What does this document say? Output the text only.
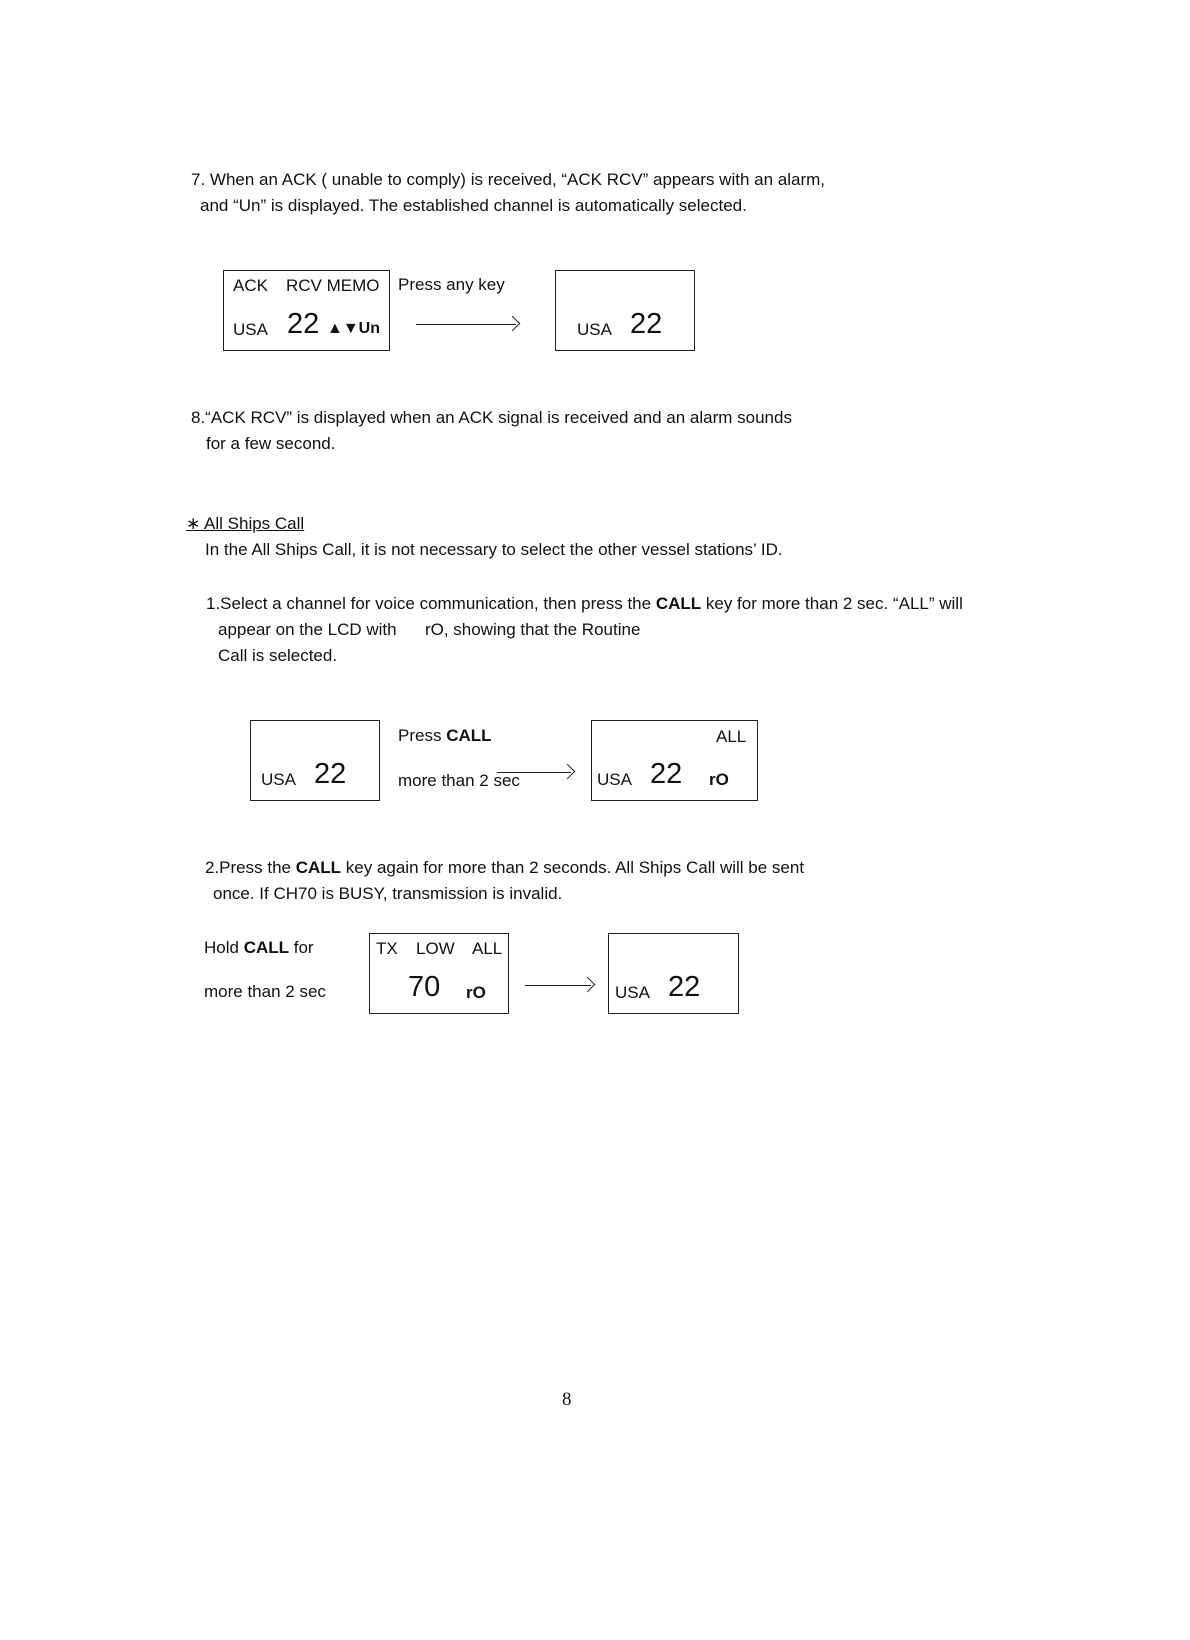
7. When an ACK ( unable to comply) is received, “ACK RCV” appears with an alarm,
and “Un” is displayed. The established channel is automatically selected.
ACK RCV MEMO
USA 22 ▲▼Un
Press any key
USA 22
8.“ACK RCV” is displayed when an ACK signal is received and an alarm sounds
for a few second.
∗ All Ships Call
In the All Ships Call, it is not necessary to select the other vessel stations’ ID.
1.Select a channel for voice communication, then press the CALL key for more than 2 sec. “ALL” will
appear on the LCD with      rO, showing that the Routine
Call is selected.
USA 22
Press CALL
more than 2 sec
ALL
USA 22 rO
2.Press the CALL key again for more than 2 seconds. All Ships Call will be sent
once. If CH70 is BUSY, transmission is invalid.
Hold CALL for
more than 2 sec
TX LOW ALL
70 rO	USA 22
8
